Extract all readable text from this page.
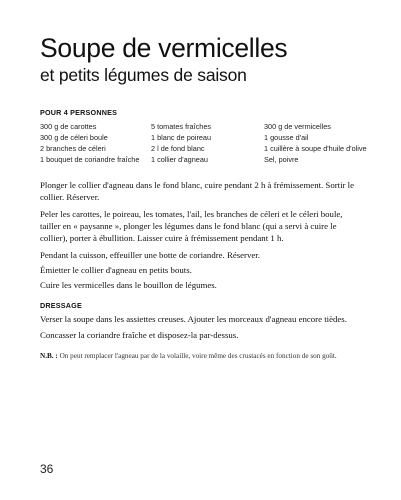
Soupe de vermicelles
et petits légumes de saison
POUR 4 PERSONNES
300 g de carottes
300 g de céleri boule
2 branches de céleri
1 bouquet de coriandre fraîche
5 tomates fraîches
1 blanc de poireau
2 l de fond blanc
1 collier d'agneau
300 g de vermicelles
1 gousse d'ail
1 cuillère à soupe d'huile d'olive
Sel, poivre
Plonger le collier d'agneau dans le fond blanc, cuire pendant 2 h à frémissement. Sortir le collier. Réserver.
Peler les carottes, le poireau, les tomates, l'ail, les branches de céleri et le céleri boule, tailler en « paysanne », plonger les légumes dans le fond blanc (qui a servi à cuire le collier), porter à ébullition. Laisser cuire à frémissement pendant 1 h.
Pendant la cuisson, effeuiller une botte de coriandre. Réserver.
Émietter le collier d'agneau en petits bouts.
Cuire les vermicelles dans le bouillon de légumes.
DRESSAGE
Verser la soupe dans les assiettes creuses. Ajouter les morceaux d'agneau encore tièdes.
Concasser la coriandre fraîche et disposez-la par-dessus.
N.B. : On peut remplacer l'agneau par de la volaille, voire même des crustacés en fonction de son goût.
36
